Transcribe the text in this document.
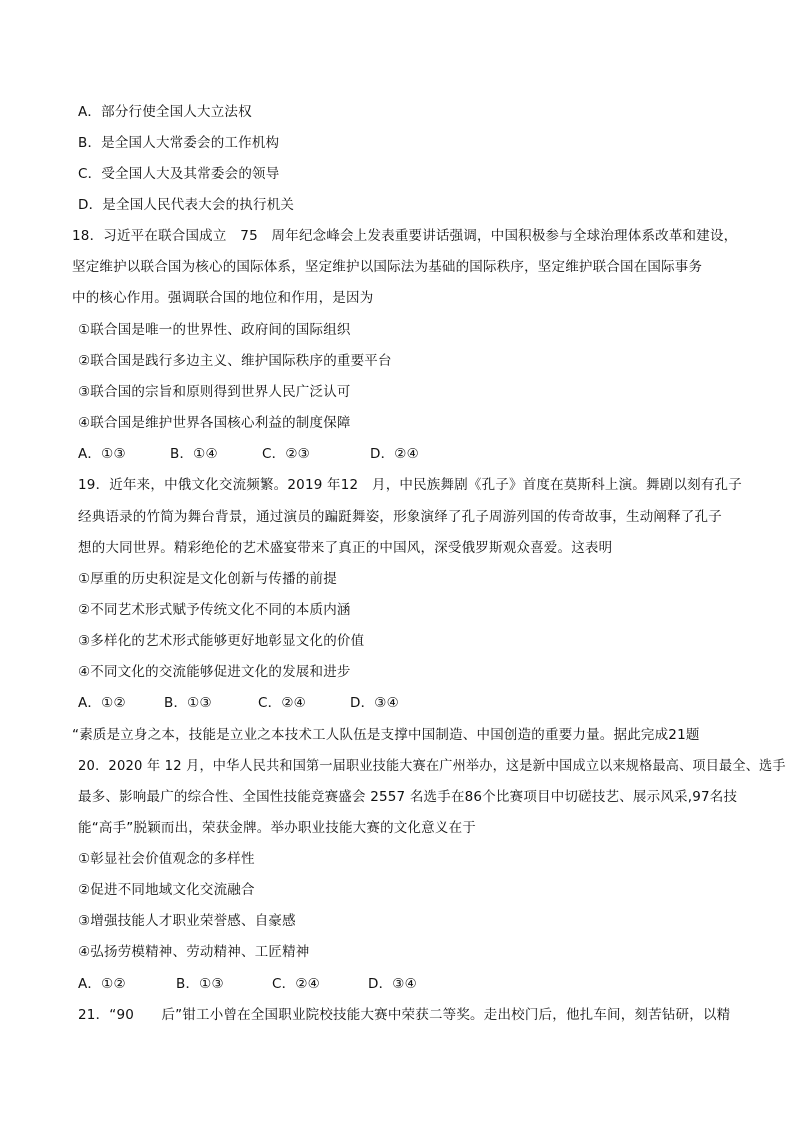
A．部分行使全国人大立法权
B．是全国人大常委会的工作机构
C．受全国人大及其常委会的领导
D．是全国人民代表大会的执行机关
18．习近平在联合国成立　75　周年纪念峰会上发表重要讲话强调，中国积极参与全球治理体系改革和建设，
坚定维护以联合国为核心的国际体系，坚定维护以国际法为基础的国际秩序，坚定维护联合国在国际事务
中的核心作用。强调联合国的地位和作用，是因为
①联合国是唯一的世界性、政府间的国际组织
②联合国是践行多边主义、维护国际秩序的重要平台
③联合国的宗旨和原则得到世界人民广泛认可
④联合国是维护世界各国核心利益的制度保障
A．①③	B．①④	C．②③	D．②④
19．近年来，中俄文化交流频繁。2019 年12　月，中民族舞剧《孔子》首度在莫斯科上演。舞剧以刻有孔子
经典语录的竹简为舞台背景，通过演员的蹁跹舞姿，形象演绎了孔子周游列国的传奇故事，生动阐释了孔子
想的大同世界。精彩绝伦的艺术盛宴带来了真正的中国风，深受俄罗斯观众喜爱。这表明
①厚重的历史积淀是文化创新与传播的前提
②不同艺术形式赋予传统文化不同的本质内涵
③多样化的艺术形式能够更好地彰显文化的价值
④不同文化的交流能够促进文化的发展和进步
A．①②	B．①③	C．②④	D．③④
“素质是立身之本，技能是立业之本技术工人队伍是支撑中国制造、中国创造的重要力量。据此完成21题
20．2020 年 12 月，中华人民共和国第一届职业技能大赛在广州举办，这是新中国成立以来规格最高、项目最全、选手
最多、影响最广的综合性、全国性技能竞赛盛会 2557 名选手在86个比赛项目中切磋技艺、展示风采,97名技
能“高手”脱颖而出，荣获金牌。举办职业技能大赛的文化意义在于
①彰显社会价值观念的多样性
②促进不同地域文化交流融合
③增强技能人才职业荣誉感、自豪感
④弘扬劳模精神、劳动精神、工匠精神
A．①②	B．①③	C．②④	D．③④
21．“90　　后”钳工小曾在全国职业院校技能大赛中荣获二等奖。走出校门后，他扎车间，刻苦钻研，以精
